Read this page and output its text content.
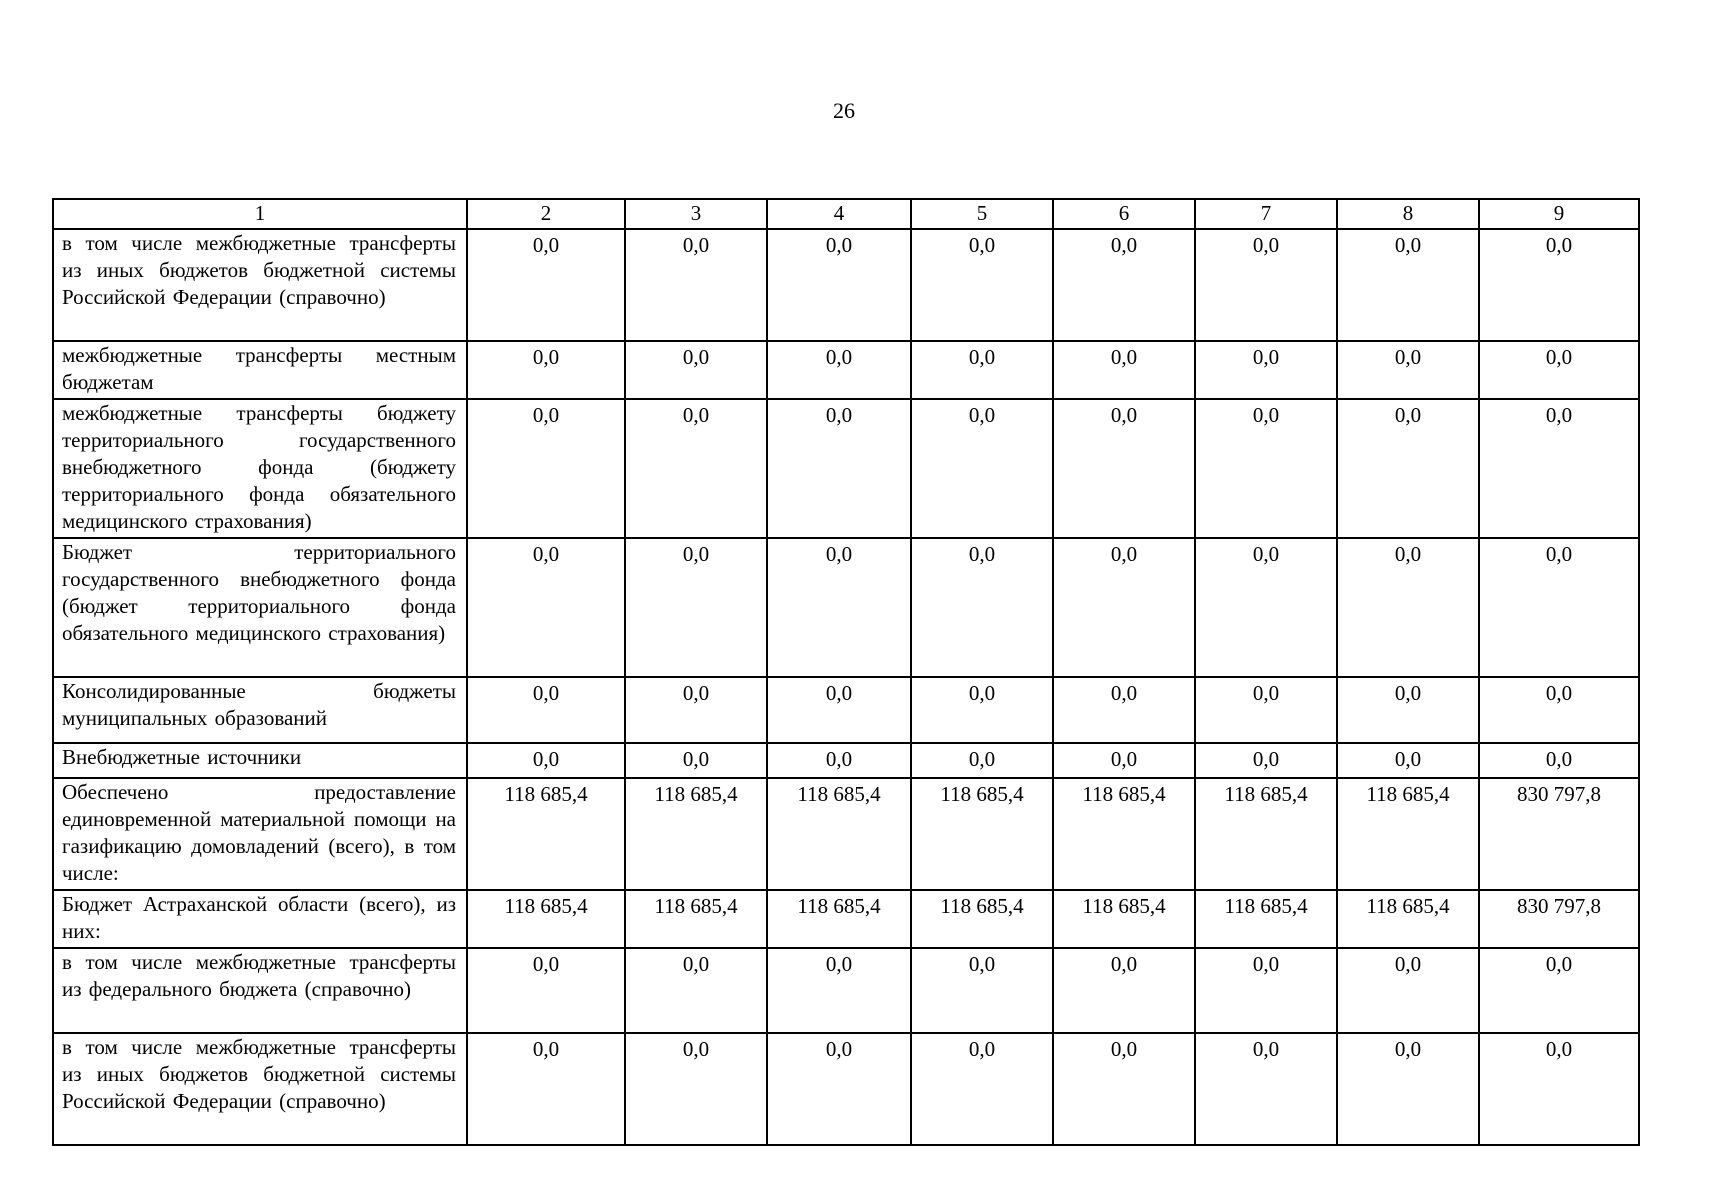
26
1	2	3	4	5	6	7	8	9
в том числе межбюджетные трансферты из иных бюджетов бюджетной системы Российской Федерации (справочно)	0,0	0,0	0,0	0,0	0,0	0,0	0,0	0,0
межбюджетные трансферты местным бюджетам	0,0	0,0	0,0	0,0	0,0	0,0	0,0	0,0
межбюджетные трансферты бюджету территориального государственного внебюджетного фонда (бюджету территориального фонда обязательного медицинского страхования)	0,0	0,0	0,0	0,0	0,0	0,0	0,0	0,0
Бюджет территориального государственного внебюджетного фонда (бюджет территориального фонда обязательного медицинского страхования)	0,0	0,0	0,0	0,0	0,0	0,0	0,0	0,0
Консолидированные бюджеты муниципальных образований	0,0	0,0	0,0	0,0	0,0	0,0	0,0	0,0
Внебюджетные источники	0,0	0,0	0,0	0,0	0,0	0,0	0,0	0,0
Обеспечено предоставление единовременной материальной помощи на газификацию домовладений (всего), в том числе:	118 685,4	118 685,4	118 685,4	118 685,4	118 685,4	118 685,4	118 685,4	830 797,8
Бюджет Астраханской области (всего), из них:	118 685,4	118 685,4	118 685,4	118 685,4	118 685,4	118 685,4	118 685,4	830 797,8
в том числе межбюджетные трансферты из федерального бюджета (справочно)	0,0	0,0	0,0	0,0	0,0	0,0	0,0	0,0
в том числе межбюджетные трансферты из иных бюджетов бюджетной системы Российской Федерации (справочно)	0,0	0,0	0,0	0,0	0,0	0,0	0,0	0,0
